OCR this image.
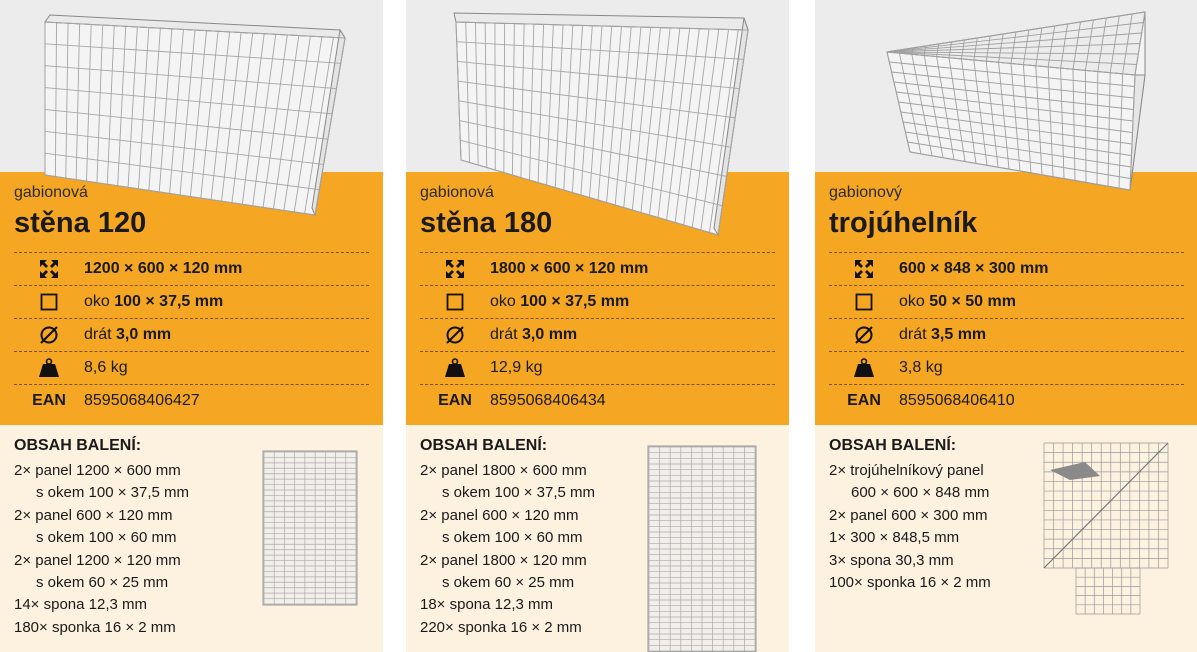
gabionová
stěna 120
1200 × 600 × 120 mm
oko 100 × 37,5 mm
drát 3,0 mm
8,6 kg
EAN	8595068406427
OBSAH BALENÍ:
2× panel 1200 × 600 mm
s okem 100 × 37,5 mm
2× panel 600 × 120 mm
s okem 100 × 60 mm
2× panel 1200 × 120 mm
s okem 60 × 25 mm
14× spona 12,3 mm
180× sponka 16 × 2 mm
gabionová
stěna 180
1800 × 600 × 120 mm
oko 100 × 37,5 mm
drát 3,0 mm
12,9 kg
EAN	8595068406434
OBSAH BALENÍ:
2× panel 1800 × 600 mm
s okem 100 × 37,5 mm
2× panel 600 × 120 mm
s okem 100 × 60 mm
2× panel 1800 × 120 mm
s okem 60 × 25 mm
18× spona 12,3 mm
220× sponka 16 × 2 mm
gabionový
trojúhelník
600 × 848 × 300 mm
oko 50 × 50 mm
drát 3,5 mm
3,8 kg
EAN	8595068406410
OBSAH BALENÍ:
2× trojúhelníkový panel
600 × 600 × 848 mm
2× panel 600 × 300 mm
1× 300 × 848,5 mm
3× spona 30,3 mm
100× sponka 16 × 2 mm
